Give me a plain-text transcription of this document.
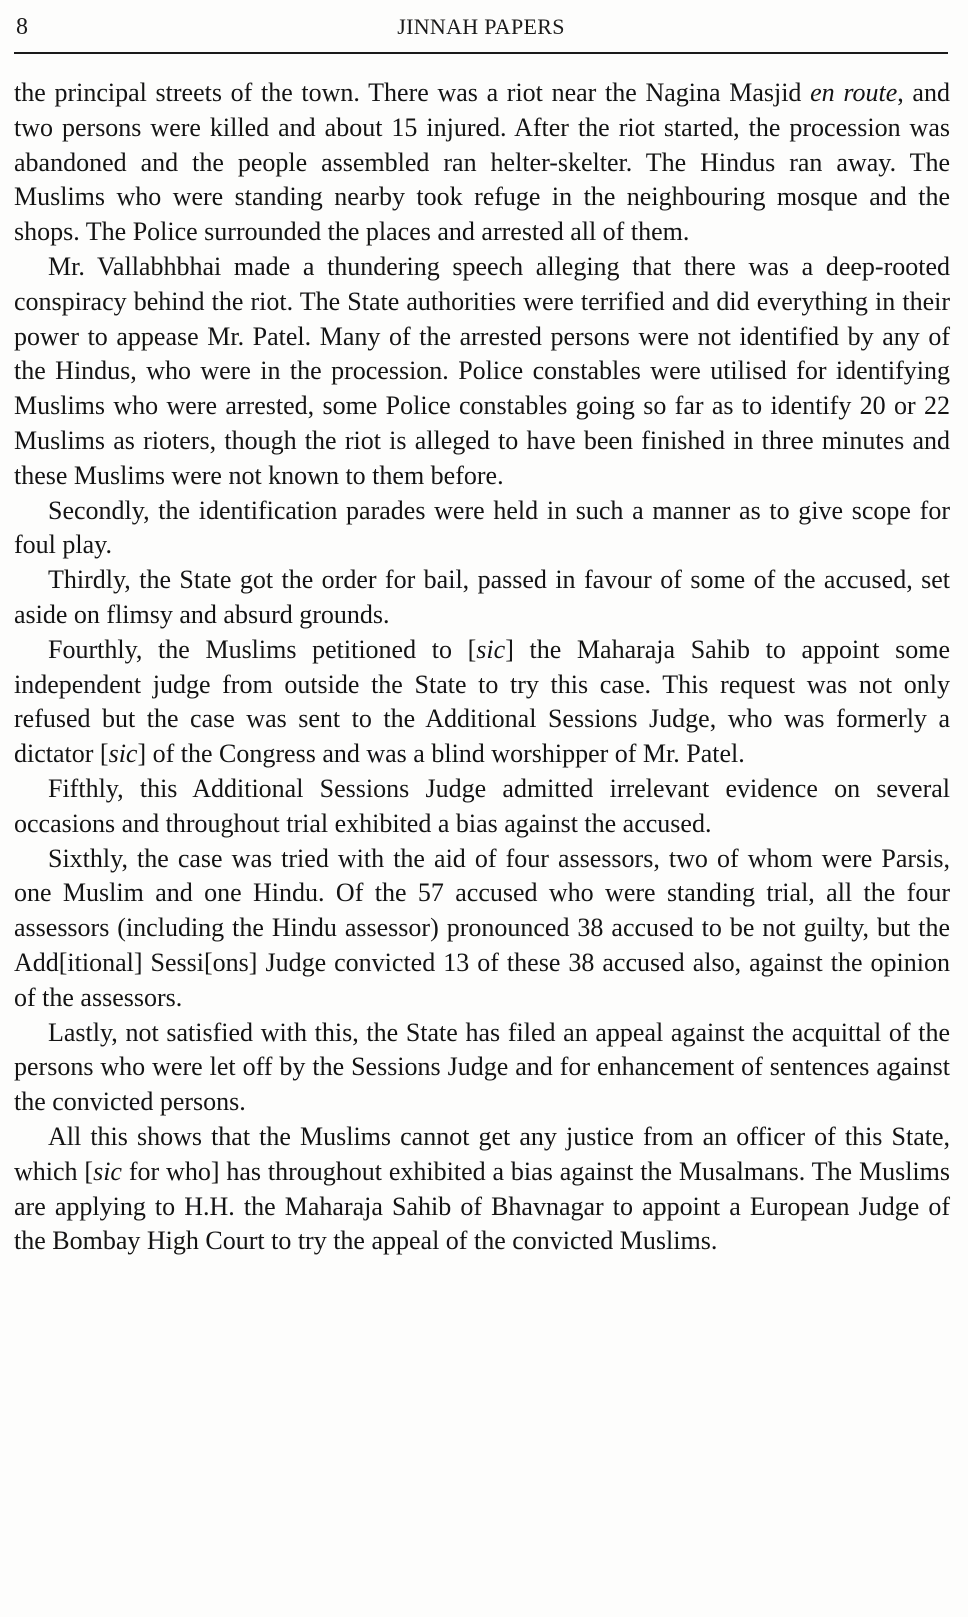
8	JINNAH PAPERS

the principal streets of the town. There was a riot near the Nagina Masjid en route, and two persons were killed and about 15 injured. After the riot started, the procession was abandoned and the people assembled ran helter-skelter. The Hindus ran away. The Muslims who were standing nearby took refuge in the neighbouring mosque and the shops. The Police surrounded the places and arrested all of them.

Mr. Vallabhbhai made a thundering speech alleging that there was a deep-rooted conspiracy behind the riot. The State authorities were terrified and did everything in their power to appease Mr. Patel. Many of the arrested persons were not identified by any of the Hindus, who were in the procession. Police constables were utilised for identifying Muslims who were arrested, some Police constables going so far as to identify 20 or 22 Muslims as rioters, though the riot is alleged to have been finished in three minutes and these Muslims were not known to them before.

Secondly, the identification parades were held in such a manner as to give scope for foul play.

Thirdly, the State got the order for bail, passed in favour of some of the accused, set aside on flimsy and absurd grounds.

Fourthly, the Muslims petitioned to [sic] the Maharaja Sahib to appoint some independent judge from outside the State to try this case. This request was not only refused but the case was sent to the Additional Sessions Judge, who was formerly a dictator [sic] of the Congress and was a blind worshipper of Mr. Patel.

Fifthly, this Additional Sessions Judge admitted irrelevant evidence on several occasions and throughout trial exhibited a bias against the accused.

Sixthly, the case was tried with the aid of four assessors, two of whom were Parsis, one Muslim and one Hindu. Of the 57 accused who were standing trial, all the four assessors (including the Hindu assessor) pronounced 38 accused to be not guilty, but the Add[itional] Sessi[ons] Judge convicted 13 of these 38 accused also, against the opinion of the assessors.

Lastly, not satisfied with this, the State has filed an appeal against the acquittal of the persons who were let off by the Sessions Judge and for enhancement of sentences against the convicted persons.

All this shows that the Muslims cannot get any justice from an officer of this State, which [sic for who] has throughout exhibited a bias against the Musalmans. The Muslims are applying to H.H. the Maharaja Sahib of Bhavnagar to appoint a European Judge of the Bombay High Court to try the appeal of the convicted Muslims.
